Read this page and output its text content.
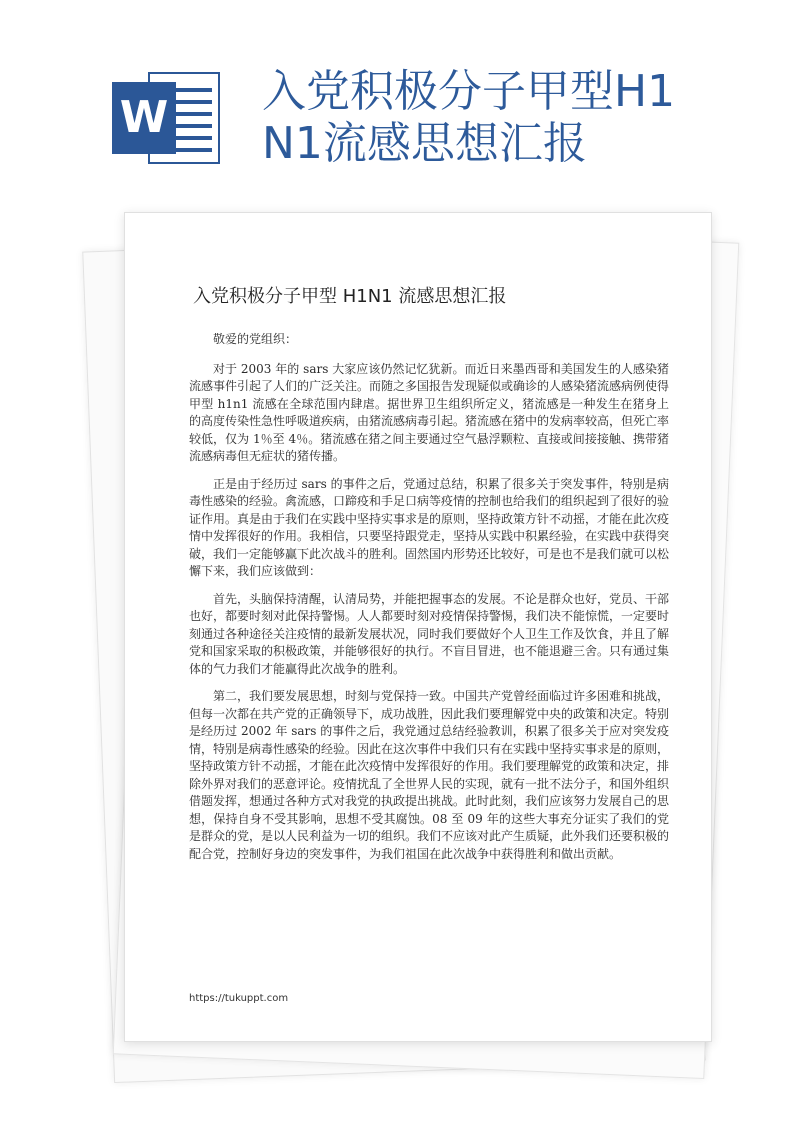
W
入党积极分子甲型H1N1流感思想汇报
入党积极分子甲型 H1N1 流感思想汇报

敬爱的党组织：

对于 2003 年的 sars 大家应该仍然记忆犹新。而近日来墨西哥和美国发生的人感染猪流感事件引起了人们的广泛关注。而随之多国报告发现疑似或确诊的人感染猪流感病例使得甲型 h1n1 流感在全球范围内肆虐。据世界卫生组织所定义，猪流感是一种发生在猪身上的高度传染性急性呼吸道疾病，由猪流感病毒引起。猪流感在猪中的发病率较高，但死亡率较低，仅为 1％至 4％。猪流感在猪之间主要通过空气悬浮颗粒、直接或间接接触、携带猪流感病毒但无症状的猪传播。

正是由于经历过 sars 的事件之后，党通过总结，积累了很多关于突发事件，特别是病毒性感染的经验。禽流感，口蹄疫和手足口病等疫情的控制也给我们的组织起到了很好的验证作用。真是由于我们在实践中坚持实事求是的原则，坚持政策方针不动摇，才能在此次疫情中发挥很好的作用。我相信，只要坚持跟党走，坚持从实践中积累经验，在实践中获得突破，我们一定能够赢下此次战斗的胜利。固然国内形势还比较好，可是也不是我们就可以松懈下来，我们应该做到：

首先，头脑保持清醒，认清局势，并能把握事态的发展。不论是群众也好，党员、干部也好，都要时刻对此保持警惕。人人都要时刻对疫情保持警惕，我们决不能惊慌，一定要时刻通过各种途径关注疫情的最新发展状况，同时我们要做好个人卫生工作及饮食，并且了解党和国家采取的积极政策，并能够很好的执行。不盲目冒进，也不能退避三舍。只有通过集体的气力我们才能赢得此次战争的胜利。

第二，我们要发展思想，时刻与党保持一致。中国共产党曾经面临过许多困难和挑战，但每一次都在共产党的正确领导下，成功战胜，因此我们要理解党中央的政策和决定。特别是经历过 2002 年 sars 的事件之后，我党通过总结经验教训，积累了很多关于应对突发疫情，特别是病毒性感染的经验。因此在这次事件中我们只有在实践中坚持实事求是的原则，坚持政策方针不动摇，才能在此次疫情中发挥很好的作用。我们要理解党的政策和决定，排除外界对我们的恶意评论。疫情扰乱了全世界人民的实现，就有一批不法分子，和国外组织借题发挥，想通过各种方式对我党的执政提出挑战。此时此刻，我们应该努力发展自己的思想，保持自身不受其影响，思想不受其腐蚀。08 至 09 年的这些大事充分证实了我们的党是群众的党，是以人民利益为一切的组织。我们不应该对此产生质疑，此外我们还要积极的配合党，控制好身边的突发事件，为我们祖国在此次战争中获得胜利和做出贡献。

https://tukuppt.com
